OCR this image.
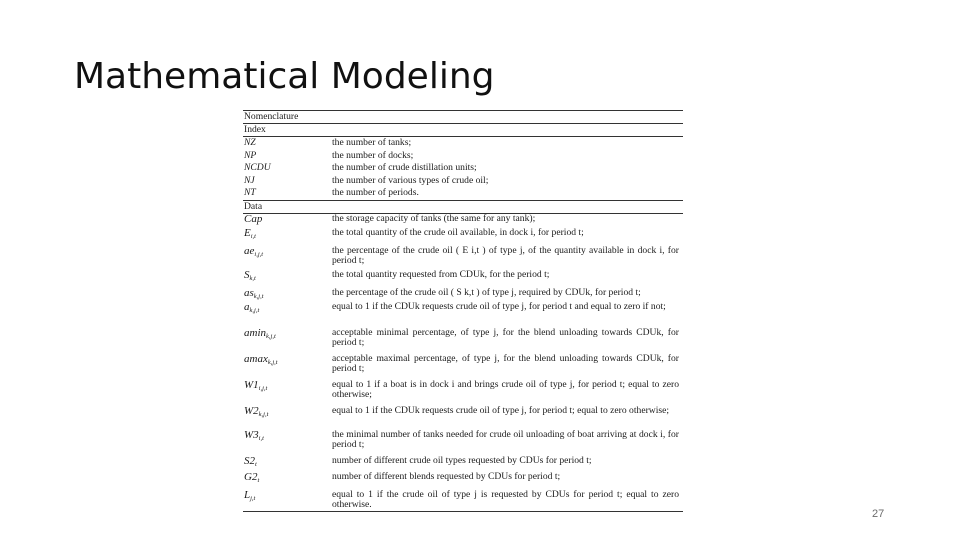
Mathematical Modeling
Nomenclature
Index
NZ	the number of tanks;
NP	the number of docks;
NCDU	the number of crude distillation units;
NJ	the number of various types of crude oil;
NT	the number of periods.
Data
Cap	the storage capacity of tanks (the same for any tank);
$E_{i,t}$	the total quantity of the crude oil available, in dock i, for period t;
$ae_{i,j,t}$	the percentage of the crude oil ( E i,t ) of type j, of the quantity available in dock i, for period t;
$S_{k,t}$	the total quantity requested from CDUk, for the period t;
$as_{k,j,t}$	the percentage of the crude oil ( S k,t ) of type j, required by CDUk, for period t;
$a_{k,j,t}$	equal to 1 if the CDUk requests crude oil of type j, for period t and equal to zero if not;
amin$_{k,j,t}$	acceptable minimal percentage, of type j, for the blend unloading towards CDUk, for period t;
amax$_{k,j,t}$	acceptable maximal percentage, of type j, for the blend unloading towards CDUk, for period t;
$W1_{i,j,t}$	equal to 1 if a boat is in dock i and brings crude oil of type j, for period t; equal to zero otherwise;
$W2_{k,j,t}$	equal to 1 if the CDUk requests crude oil of type j, for period t; equal to zero otherwise;
$W3_{i,t}$	the minimal number of tanks needed for crude oil unloading of boat arriving at dock i, for period t;
$S2_t$	number of different crude oil types requested by CDUs for period t;
$G2_t$	number of different blends requested by CDUs for period t;
$L_{j,t}$	equal to 1 if the crude oil of type j is requested by CDUs for period t; equal to zero otherwise.
27
